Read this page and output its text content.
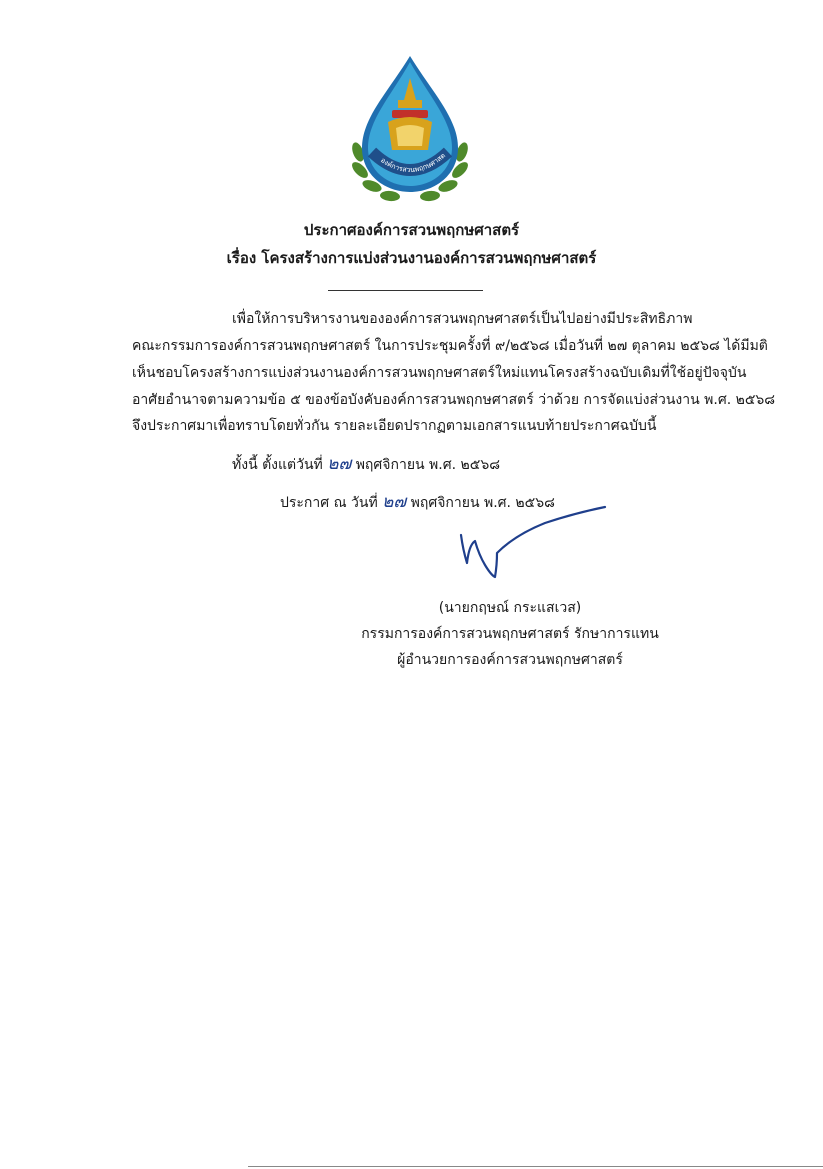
องค์การสวนพฤกษศาสต
ประกาศองค์การสวนพฤกษศาสตร์
เรื่อง โครงสร้างการแบ่งส่วนงานองค์การสวนพฤกษศาสตร์
เพื่อให้การบริหารงานขององค์การสวนพฤกษศาสตร์เป็นไปอย่างมีประสิทธิภาพ
คณะกรรมการองค์การสวนพฤกษศาสตร์ ในการประชุมครั้งที่ ๙/๒๕๖๘ เมื่อวันที่ ๒๗ ตุลาคม ๒๕๖๘ ได้มีมติ
เห็นชอบโครงสร้างการแบ่งส่วนงานองค์การสวนพฤกษศาสตร์ใหม่แทนโครงสร้างฉบับเดิมที่ใช้อยู่ปัจจุบัน
อาศัยอำนาจตามความข้อ ๕ ของข้อบังคับองค์การสวนพฤกษศาสตร์ ว่าด้วย การจัดแบ่งส่วนงาน พ.ศ. ๒๕๖๘
จึงประกาศมาเพื่อทราบโดยทั่วกัน รายละเอียดปรากฏตามเอกสารแนบท้ายประกาศฉบับนี้
ทั้งนี้ ตั้งแต่วันที่ ๒๗ พฤศจิกายน พ.ศ. ๒๕๖๘
ประกาศ ณ วันที่ ๒๗ พฤศจิกายน พ.ศ. ๒๕๖๘
(นายกฤษณ์ กระแสเวส)
กรรมการองค์การสวนพฤกษศาสตร์ รักษาการแทน
ผู้อำนวยการองค์การสวนพฤกษศาสตร์
